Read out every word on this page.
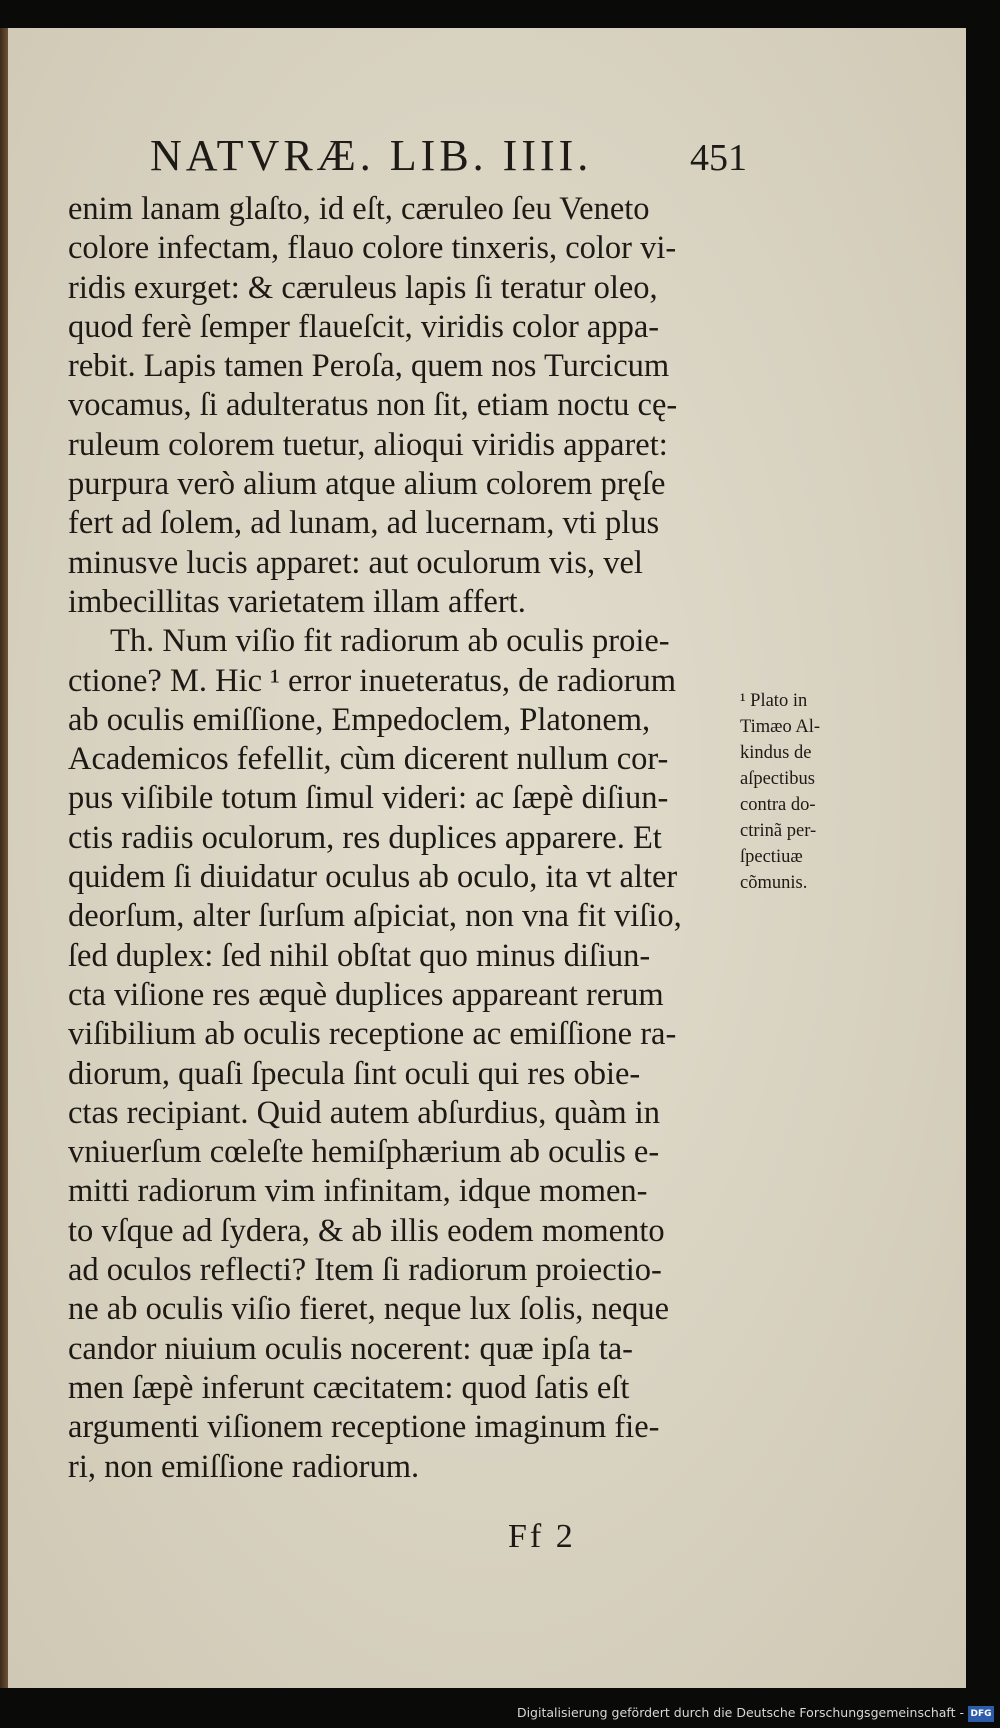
NATVRÆ. LIB. IIII.	451
enim lanam glaſto, id eſt, cæruleo ſeu Veneto
colore infectam, flauo colore tinxeris, color vi-
ridis exurget: & cæruleus lapis ſi teratur oleo,
quod ferè ſemper flaueſcit, viridis color appa-
rebit. Lapis tamen Peroſa, quem nos Turcicum
vocamus, ſi adulteratus non ſit, etiam noctu cę-
ruleum colorem tuetur, alioqui viridis apparet:
purpura verò alium atque alium colorem pręſe
fert ad ſolem, ad lunam, ad lucernam, vti plus
minusve lucis apparet: aut oculorum vis, vel
imbecillitas varietatem illam affert.
Th. Num viſio fit radiorum ab oculis proie-
ctione? M. Hic ¹ error inueteratus, de radiorum
ab oculis emiſſione, Empedoclem, Platonem,
Academicos fefellit, cùm dicerent nullum cor-
pus viſibile totum ſimul videri: ac ſæpè diſiun-
ctis radiis oculorum, res duplices apparere. Et
quidem ſi diuidatur oculus ab oculo, ita vt alter
deorſum, alter ſurſum aſpiciat, non vna fit viſio,
ſed duplex: ſed nihil obſtat quo minus diſiun-
cta viſione res æquè duplices appareant rerum
viſibilium ab oculis receptione ac emiſſione ra-
diorum, quaſi ſpecula ſint oculi qui res obie-
ctas recipiant. Quid autem abſurdius, quàm in
vniuerſum cœleſte hemiſphærium ab oculis e-
mitti radiorum vim infinitam, idque momen-
to vſque ad ſydera, & ab illis eodem momento
ad oculos reflecti? Item ſi radiorum proiectio-
ne ab oculis viſio fieret, neque lux ſolis, neque
candor niuium oculis nocerent: quæ ipſa ta-
men ſæpè inferunt cæcitatem: quod ſatis eſt
argumenti viſionem receptione imaginum fie-
ri, non emiſſione radiorum.
¹ Plato in
Timæo Al-
kindus de
aſpectibus
contra do-
ctrinã per-
ſpectiuæ
cõmunis.
Ff 2
Digitalisierung gefördert durch die Deutsche Forschungsgemeinschaft - DFG
